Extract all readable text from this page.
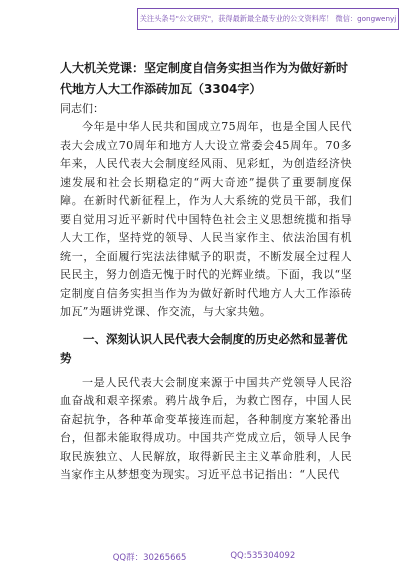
关注头条号"公文研究"，获得最新最全最专业的公文资料库！ 微信：gongwenyj

人大机关党课：坚定制度自信务实担当作为为做好新时代地方人大工作添砖加瓦（3304字）

同志们：

今年是中华人民共和国成立75周年，也是全国人民代表大会成立70周年和地方人大设立常委会45周年。70多年来，人民代表大会制度经风雨、见彩虹，为创造经济快速发展和社会长期稳定的“两大奇迹”提供了重要制度保障。在新时代新征程上，作为人大系统的党员干部，我们要自觉用习近平新时代中国特色社会主义思想统揽和指导人大工作，坚持党的领导、人民当家作主、依法治国有机统一，全面履行宪法法律赋予的职责，不断发展全过程人民民主，努力创造无愧于时代的光辉业绩。下面，我以“坚定制度自信务实担当作为为做好新时代地方人大工作添砖加瓦”为题讲党课、作交流，与大家共勉。

一、深刻认识人民代表大会制度的历史必然和显著优势

一是人民代表大会制度来源于中国共产党领导人民浴血奋战和艰辛探索。鸦片战争后，为救亡图存，中国人民奋起抗争，各种革命变革接连而起，各种制度方案轮番出台，但都未能取得成功。中国共产党成立后，领导人民争取民族独立、人民解放，取得新民主主义革命胜利，人民当家作主从梦想变为现实。习近平总书记指出：“人民代

QQ群：30265665	QQ:535304092
